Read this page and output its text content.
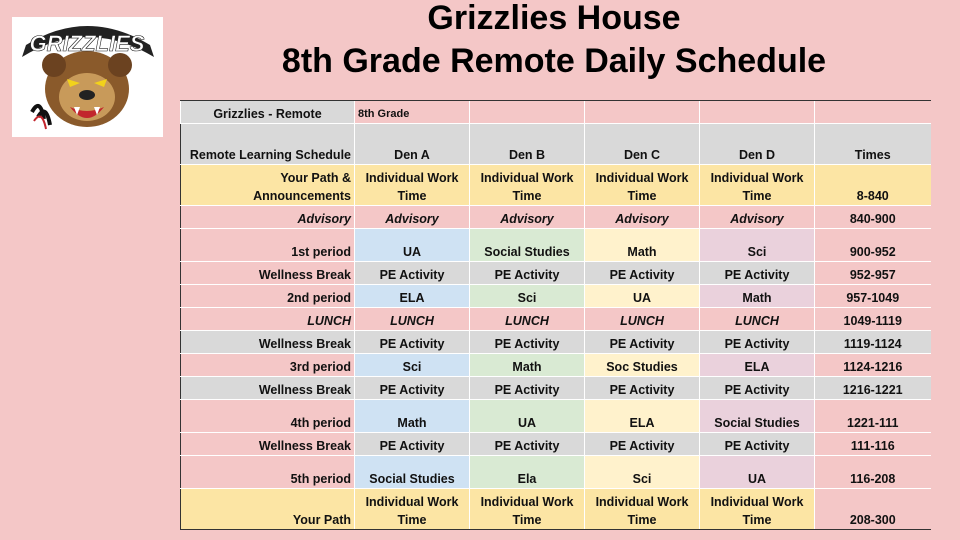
GRIZZLIES
Grizzlies House
8th Grade Remote Daily Schedule
Grizzlies - Remote	8th Grade				
Remote Learning Schedule	Den A	Den B	Den C	Den D	Times
Your Path & Announcements	Individual Work Time	Individual Work Time	Individual Work Time	Individual Work Time	8-840
Advisory	Advisory	Advisory	Advisory	Advisory	840-900
1st period	UA	Social Studies	Math	Sci	900-952
Wellness Break	PE Activity	PE Activity	PE Activity	PE Activity	952-957
2nd period	ELA	Sci	UA	Math	957-1049
LUNCH	LUNCH	LUNCH	LUNCH	LUNCH	1049-1119
Wellness Break	PE Activity	PE Activity	PE Activity	PE Activity	1119-1124
3rd period	Sci	Math	Soc Studies	ELA	1124-1216
Wellness Break	PE Activity	PE Activity	PE Activity	PE Activity	1216-1221
4th period	Math	UA	ELA	Social Studies	1221-111
Wellness Break	PE Activity	PE Activity	PE Activity	PE Activity	111-116
5th period	Social Studies	Ela	Sci	UA	116-208
Your Path	Individual Work Time	Individual Work Time	Individual Work Time	Individual Work Time	208-300
